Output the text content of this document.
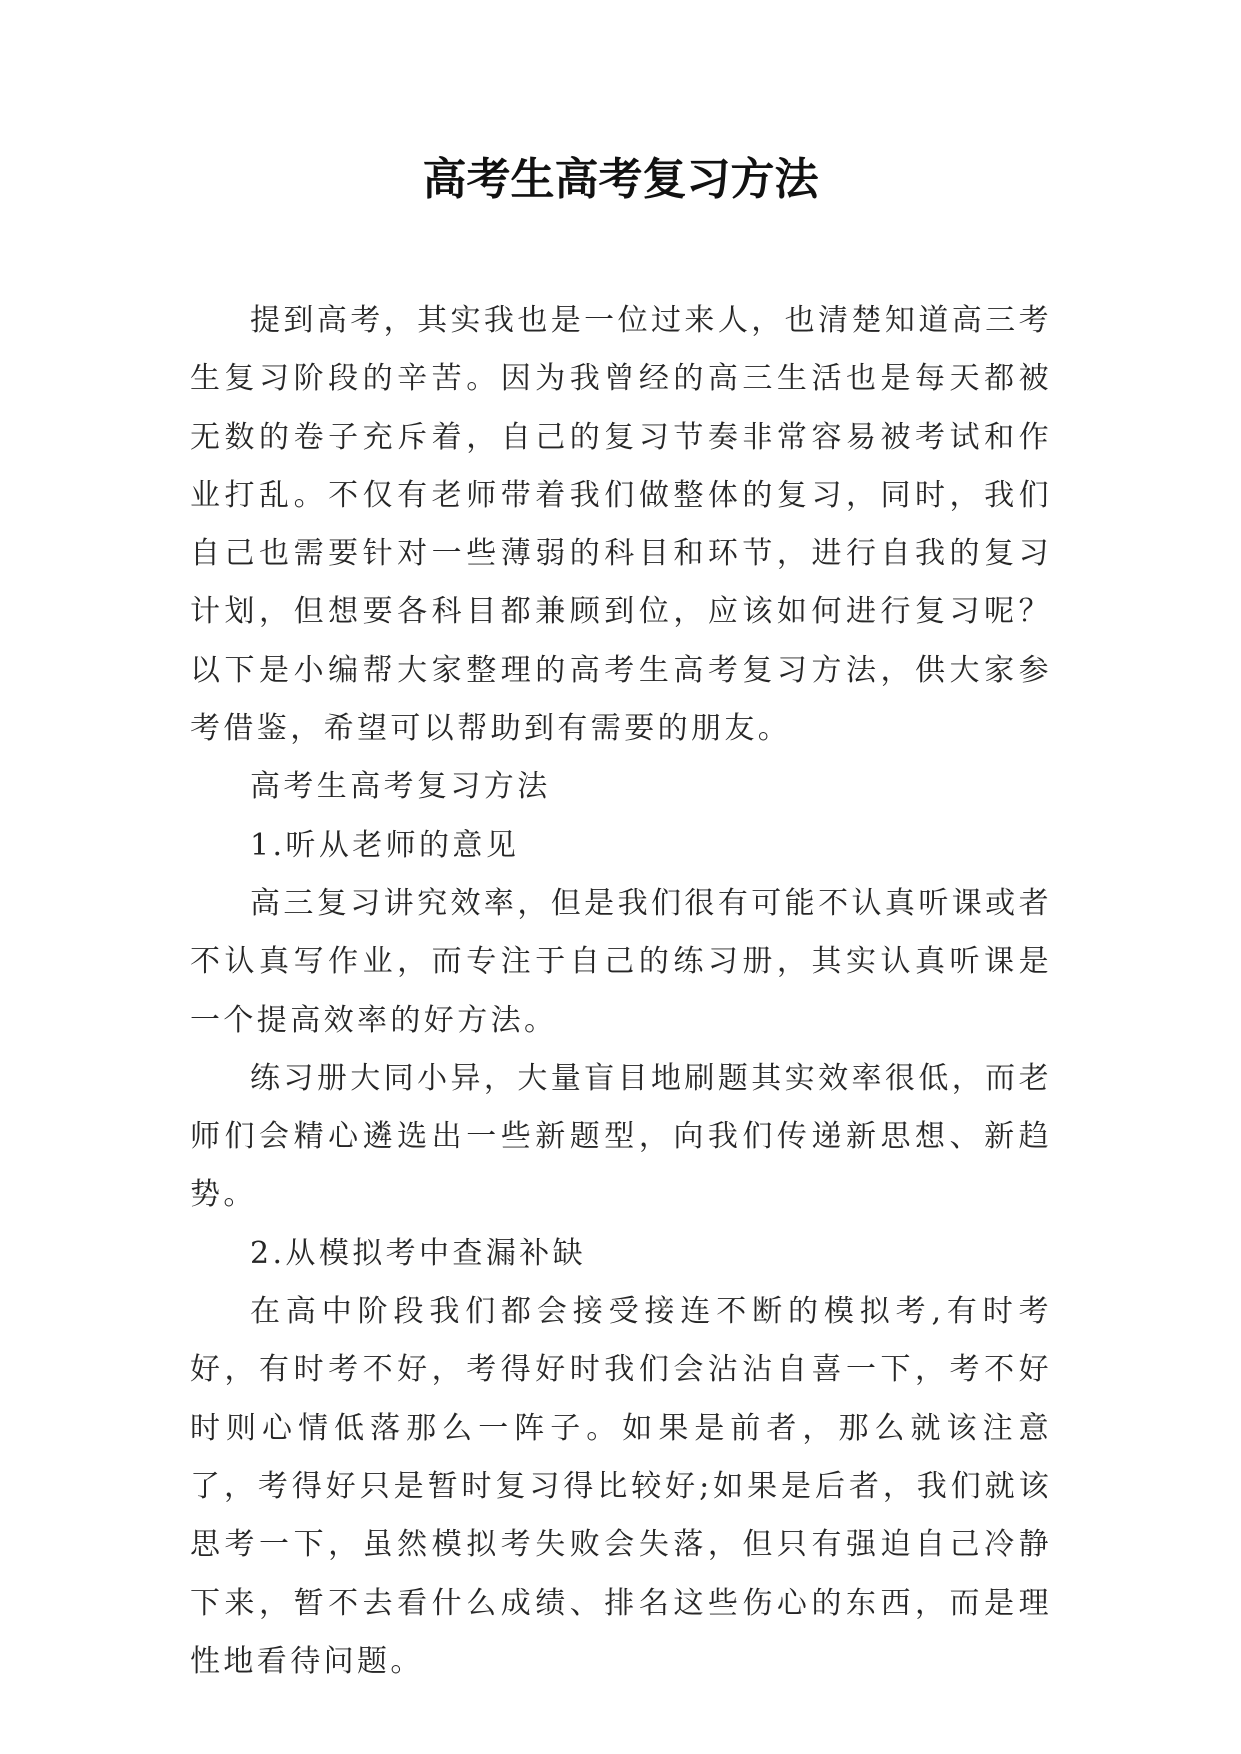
高考生高考复习方法

提到高考，其实我也是一位过来人，也清楚知道高三考生复习阶段的辛苦。因为我曾经的高三生活也是每天都被无数的卷子充斥着，自己的复习节奏非常容易被考试和作业打乱。不仅有老师带着我们做整体的复习，同时，我们自己也需要针对一些薄弱的科目和环节，进行自我的复习计划，但想要各科目都兼顾到位，应该如何进行复习呢？以下是小编帮大家整理的高考生高考复习方法，供大家参考借鉴，希望可以帮助到有需要的朋友。

高考生高考复习方法

1.听从老师的意见

高三复习讲究效率，但是我们很有可能不认真听课或者不认真写作业，而专注于自己的练习册，其实认真听课是一个提高效率的好方法。

练习册大同小异，大量盲目地刷题其实效率很低，而老师们会精心遴选出一些新题型，向我们传递新思想、新趋势。

2.从模拟考中查漏补缺

在高中阶段我们都会接受接连不断的模拟考,有时考好，有时考不好，考得好时我们会沾沾自喜一下，考不好时则心情低落那么一阵子。如果是前者，那么就该注意了，考得好只是暂时复习得比较好;如果是后者，我们就该思考一下，虽然模拟考失败会失落，但只有强迫自己冷静下来，暂不去看什么成绩、排名这些伤心的东西，而是理性地看待问题。
